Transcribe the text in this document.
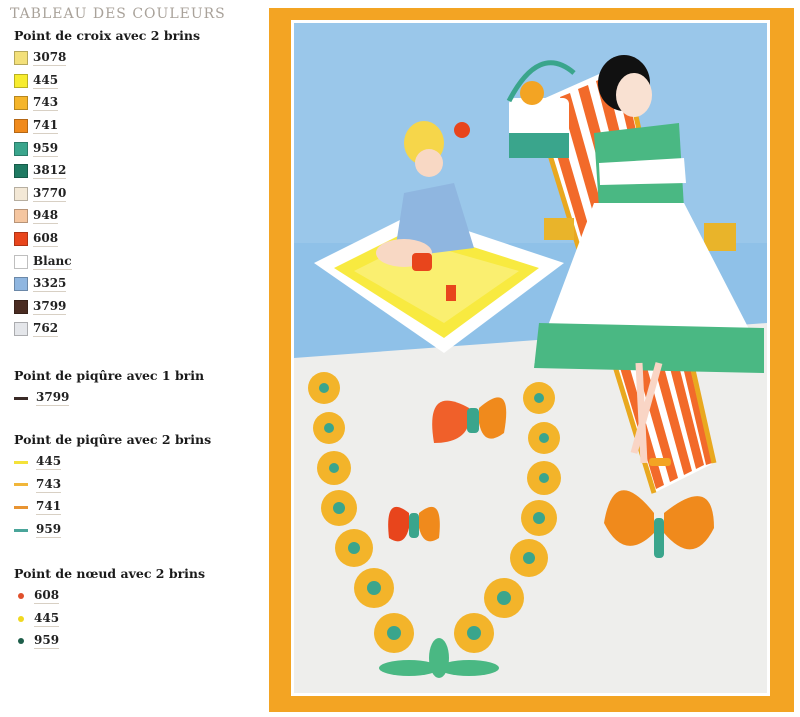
TABLEAU DES COULEURS
Point de croix avec 2 brins
3078
445
743
741
959
3812
3770
948
608
Blanc
3325
3799
762
Point de piqûre avec 1 brin
3799
Point de piqûre avec 2 brins
445
743
741
959
Point de nœud avec 2 brins
608
445
959
